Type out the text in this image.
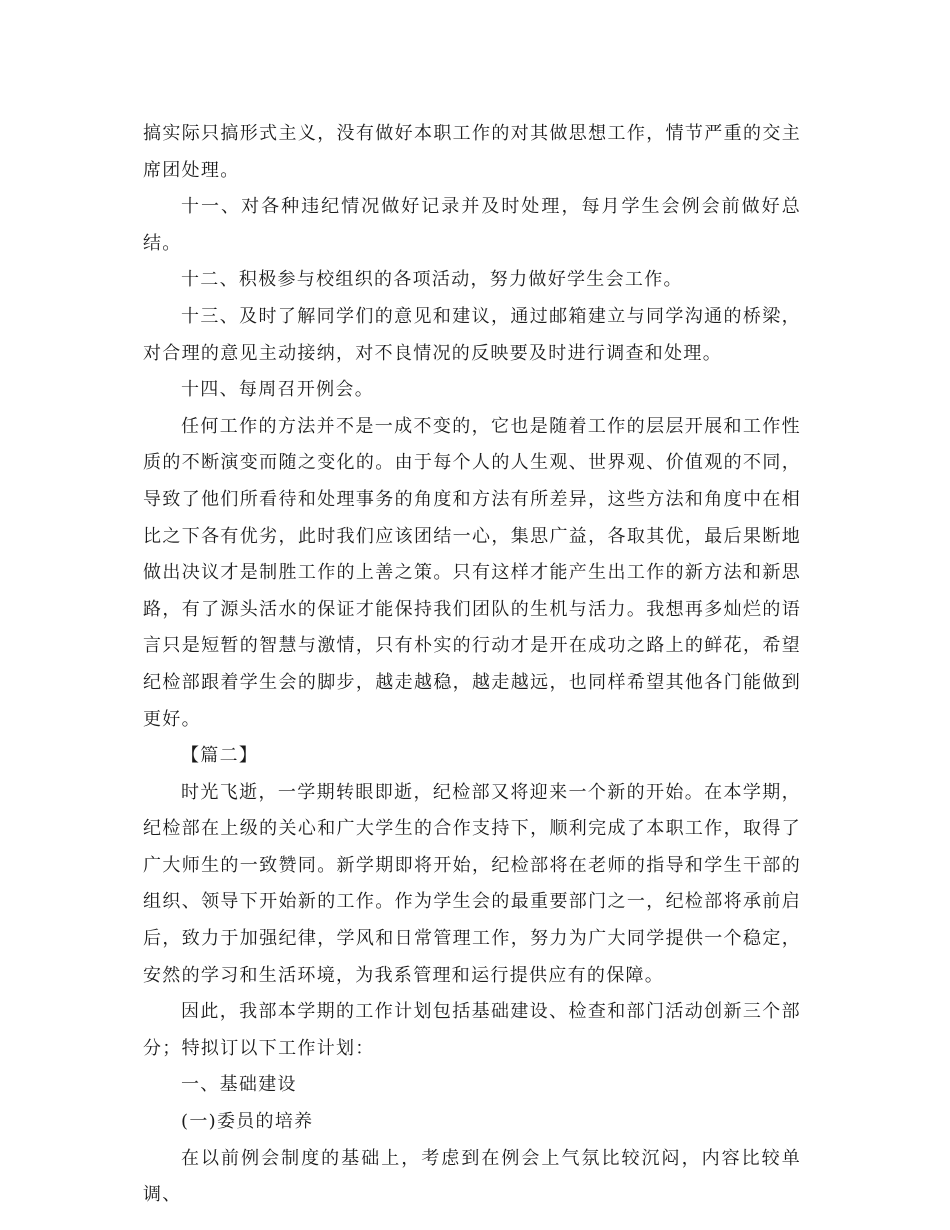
搞实际只搞形式主义，没有做好本职工作的对其做思想工作，情节严重的交主席团处理。

十一、对各种违纪情况做好记录并及时处理，每月学生会例会前做好总结。

十二、积极参与校组织的各项活动，努力做好学生会工作。

十三、及时了解同学们的意见和建议，通过邮箱建立与同学沟通的桥梁，对合理的意见主动接纳，对不良情况的反映要及时进行调查和处理。

十四、每周召开例会。

任何工作的方法并不是一成不变的，它也是随着工作的层层开展和工作性质的不断演变而随之变化的。由于每个人的人生观、世界观、价值观的不同，导致了他们所看待和处理事务的角度和方法有所差异，这些方法和角度中在相比之下各有优劣，此时我们应该团结一心，集思广益，各取其优，最后果断地做出决议才是制胜工作的上善之策。只有这样才能产生出工作的新方法和新思路，有了源头活水的保证才能保持我们团队的生机与活力。我想再多灿烂的语言只是短暂的智慧与激情，只有朴实的行动才是开在成功之路上的鲜花，希望纪检部跟着学生会的脚步，越走越稳，越走越远，也同样希望其他各门能做到更好。

【篇二】

时光飞逝，一学期转眼即逝，纪检部又将迎来一个新的开始。在本学期，纪检部在上级的关心和广大学生的合作支持下，顺利完成了本职工作，取得了广大师生的一致赞同。新学期即将开始，纪检部将在老师的指导和学生干部的组织、领导下开始新的工作。作为学生会的最重要部门之一，纪检部将承前启后，致力于加强纪律，学风和日常管理工作，努力为广大同学提供一个稳定，安然的学习和生活环境，为我系管理和运行提供应有的保障。

因此，我部本学期的工作计划包括基础建设、检查和部门活动创新三个部分；特拟订以下工作计划：

一、基础建设

(一)委员的培养

在以前例会制度的基础上，考虑到在例会上气氛比较沉闷，内容比较单调、
